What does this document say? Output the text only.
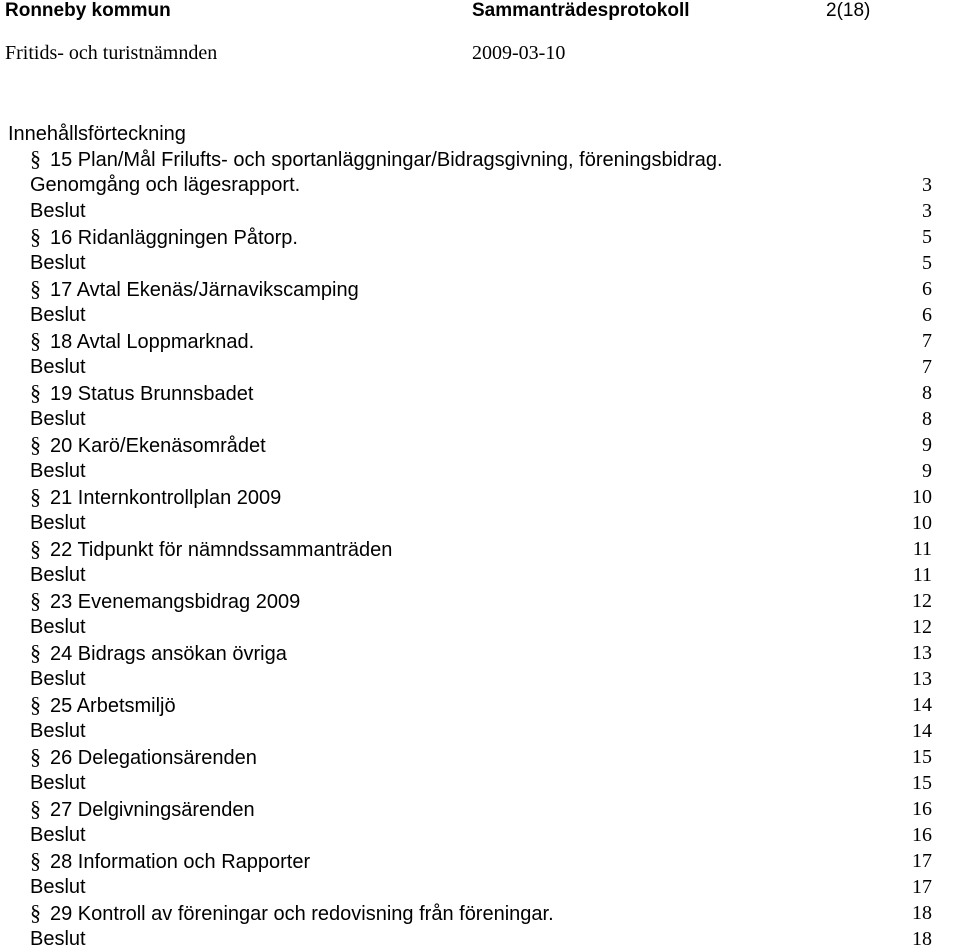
Ronneby kommun	Sammanträdesprotokoll	2(18)
Fritids- och turistnämnden	2009-03-10
Innehållsförteckning
§ 15 Plan/Mål Frilufts- och sportanläggningar/Bidragsgivning, föreningsbidrag.
Genomgång och lägesrapport.	3
Beslut	3
§ 16 Ridanläggningen Påtorp.	5
Beslut	5
§ 17 Avtal Ekenäs/Järnavikscamping	6
Beslut	6
§ 18 Avtal Loppmarknad.	7
Beslut	7
§ 19 Status Brunnsbadet	8
Beslut	8
§ 20 Karö/Ekenäsområdet	9
Beslut	9
§ 21 Internkontrollplan 2009	10
Beslut	10
§ 22 Tidpunkt för nämndssammanträden	11
Beslut	11
§ 23 Evenemangsbidrag 2009	12
Beslut	12
§ 24 Bidrags ansökan övriga	13
Beslut	13
§ 25 Arbetsmiljö	14
Beslut	14
§ 26 Delegationsärenden	15
Beslut	15
§ 27 Delgivningsärenden	16
Beslut	16
§ 28 Information och Rapporter	17
Beslut	17
§ 29 Kontroll av föreningar och redovisning från föreningar.	18
Beslut	18
